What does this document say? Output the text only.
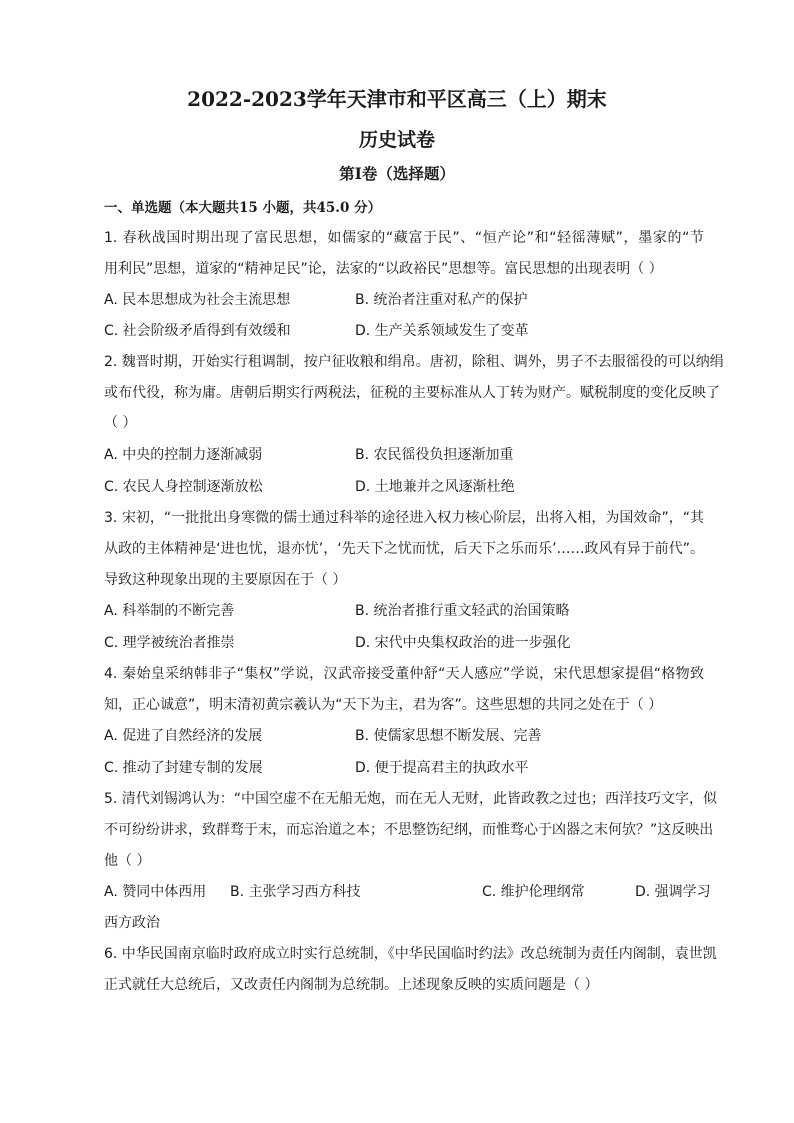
2022-2023学年天津市和平区高三（上）期末
历史试卷
第Ⅰ卷（选择题）
一、单选题（本大题共15 小题，共45.0 分）
1. 春秋战国时期出现了富民思想，如儒家的“藏富于民”、“恒产论”和“轻徭薄赋”，墨家的“节
用利民”思想，道家的“精神足民”论，法家的“以政裕民”思想等。富民思想的出现表明（ ）
A. 民本思想成为社会主流思想	B. 统治者注重对私产的保护
C. 社会阶级矛盾得到有效缓和	D. 生产关系领域发生了变革
2. 魏晋时期，开始实行租调制，按户征收粮和绢帛。唐初，除租、调外，男子不去服徭役的可以纳绢
或布代役，称为庸。唐朝后期实行两税法，征税的主要标准从人丁转为财产。赋税制度的变化反映了
（ ）
A. 中央的控制力逐渐减弱	B. 农民徭役负担逐渐加重
C. 农民人身控制逐渐放松	D. 土地兼并之风逐渐杜绝
3. 宋初，“一批批出身寒微的儒士通过科举的途径进入权力核心阶层，出将入相，为国效命”，“其
从政的主体精神是‘进也忧，退亦忧’，‘先天下之忧而忧，后天下之乐而乐’……政风有异于前代”。
导致这种现象出现的主要原因在于（ ）
A. 科举制的不断完善	B. 统治者推行重文轻武的治国策略
C. 理学被统治者推崇	D. 宋代中央集权政治的进一步强化
4. 秦始皇采纳韩非子“集权”学说，汉武帝接受董仲舒“天人感应”学说，宋代思想家提倡“格物致
知，正心诚意”，明末清初黄宗羲认为“天下为主，君为客”。这些思想的共同之处在于（ ）
A. 促进了自然经济的发展	B. 使儒家思想不断发展、完善
C. 推动了封建专制的发展	D. 便于提高君主的执政水平
5. 清代刘锡鸿认为：“中国空虚不在无船无炮，而在无人无财，此皆政教之过也；西洋技巧文字，似
不可纷纷讲求，致群骛于末，而忘治道之本；不思整饬纪纲，而惟骛心于凶器之末何欤？”这反映出
他（ ）
A. 赞同中体西用 B. 主张学习西方科技	C. 维护伦理纲常	D. 强调学习
西方政治
6. 中华民国南京临时政府成立时实行总统制，《中华民国临时约法》改总统制为责任内阁制，袁世凯
正式就任大总统后，又改责任内阁制为总统制。上述现象反映的实质问题是（ ）
